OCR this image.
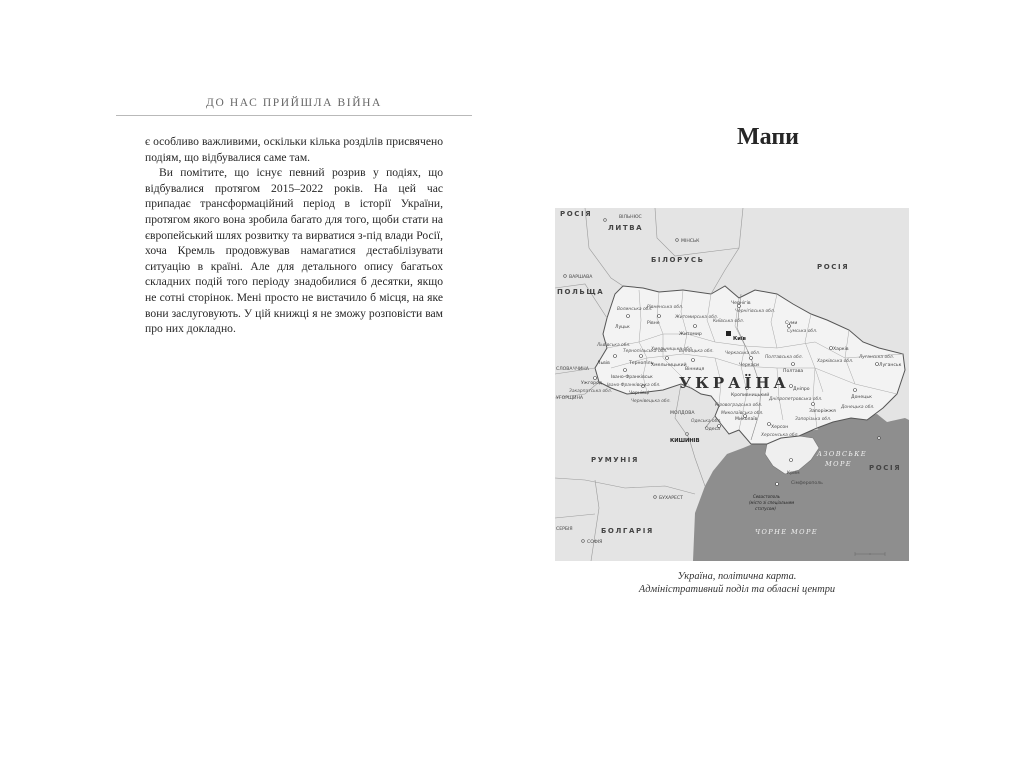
ДО НАС ПРИЙШЛА ВІЙНА

є особливо важливими, оскільки кілька розділів присвячено подіям, що відбувалися саме там.

Ви помітите, що існує певний розрив у подіях, що відбувалися протягом 2015–2022 років. На цей час припадає трансформаційний період в історії України, протягом якого вона зробила багато для того, щоби стати на європейський шлях розвитку та вирватися з-під влади Росії, хоча Кремль продовжував намагатися дестабілізувати ситуацію в країні. Але для детального опису багатьох складних подій того періоду знадобилися б десятки, якщо не сотні сторінок. Мені просто не вистачило б місця, на яке вони заслуговують. У цій книжці я не зможу розповісти вам про них докладно.

Мапи
РОСІЯ
ЛИТВА
БІЛОРУСЬ
РОСІЯ
ПОЛЬЩА
СЛОВАЧЧИНА
УГОРЩИНА
МОЛДОВА
РУМУНІЯ
СЕРБІЯ	БОЛГАРІЯ
РОСІЯ
УКРАЇНА
АЗОВСЬКЕ
МОРЕ
ЧОРНЕ МОРЕ
ВІЛЬНЮС
МІНСЬК
ВАРШАВА
КИШИНІВ
БУХАРЕСТ
СОФІЯ
Київ
Луцьк
Рівне
Житомир
Львів	Тернопіль
Хмельницький
Вінниця
Ужгород
Івано-Франківськ
Чернівці
Чернігів
Суми
Харків
Полтава
Черкаси
Кропивницький
Дніпро
Запоріжжя
Донецьк
Луганськ
Миколаїв
Одеса	Херсон
Крим
Сімферополь
Севастополь
(місто зі спеціальним
статусом)
Волинська обл.
Рівненська обл.
Житомирська обл.
Київська обл.
Чернігівська обл.
Сумська обл.
Львівська обл.
Тернопільська обл.
Хмельницька обл.
Вінницька обл.
Закарпатська обл.
Івано-Франківська обл.
Чернівецька обл.
Черкаська обл.
Полтавська обл.
Харківська обл.
Луганська обл.
Кіровоградська обл.
Дніпропетровська обл.
Донецька обл.
Запорізька обл.
Миколаївська обл.
Одеська обл.
Херсонська обл.
Україна, політична карта.
Адміністративний поділ та обласні центри
